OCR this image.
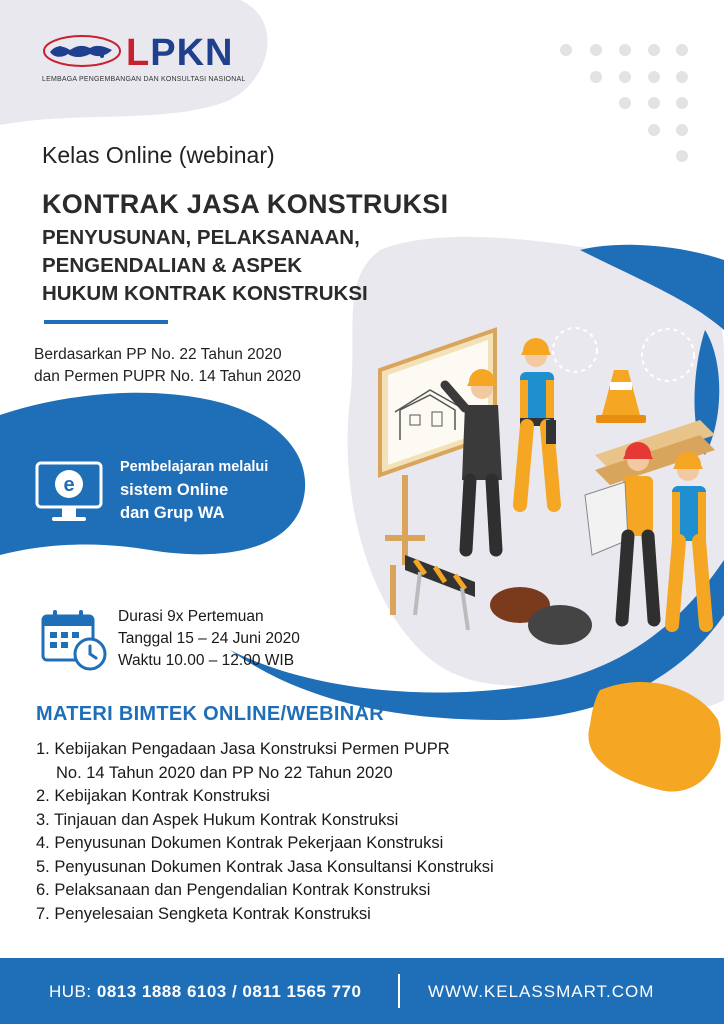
LPKN
LEMBAGA PENGEMBANGAN DAN KONSULTASI NASIONAL
Kelas Online (webinar)
KONTRAK JASA KONSTRUKSI
PENYUSUNAN, PELAKSANAAN,
PENGENDALIAN & ASPEK
HUKUM KONTRAK KONSTRUKSI
Berdasarkan PP No. 22 Tahun 2020
dan Permen PUPR No. 14 Tahun 2020
e
Pembelajaran melalui
sistem Online
dan Grup WA
Durasi 9x Pertemuan
Tanggal 15 – 24 Juni 2020
Waktu 10.00 – 12.00 WIB
MATERI BIMTEK ONLINE/WEBINAR
1. Kebijakan Pengadaan Jasa Konstruksi Permen PUPR
No. 14 Tahun 2020 dan PP No 22 Tahun 2020
2. Kebijakan Kontrak Konstruksi
3. Tinjauan dan Aspek Hukum Kontrak Konstruksi
4. Penyusunan Dokumen Kontrak Pekerjaan Konstruksi
5. Penyusunan Dokumen Kontrak Jasa Konsultansi Konstruksi
6. Pelaksanaan dan Pengendalian Kontrak Konstruksi
7. Penyelesaian Sengketa Kontrak Konstruksi
HUB: 0813 1888 6103 / 0811 1565 770	WWW.KELASSMART.COM
